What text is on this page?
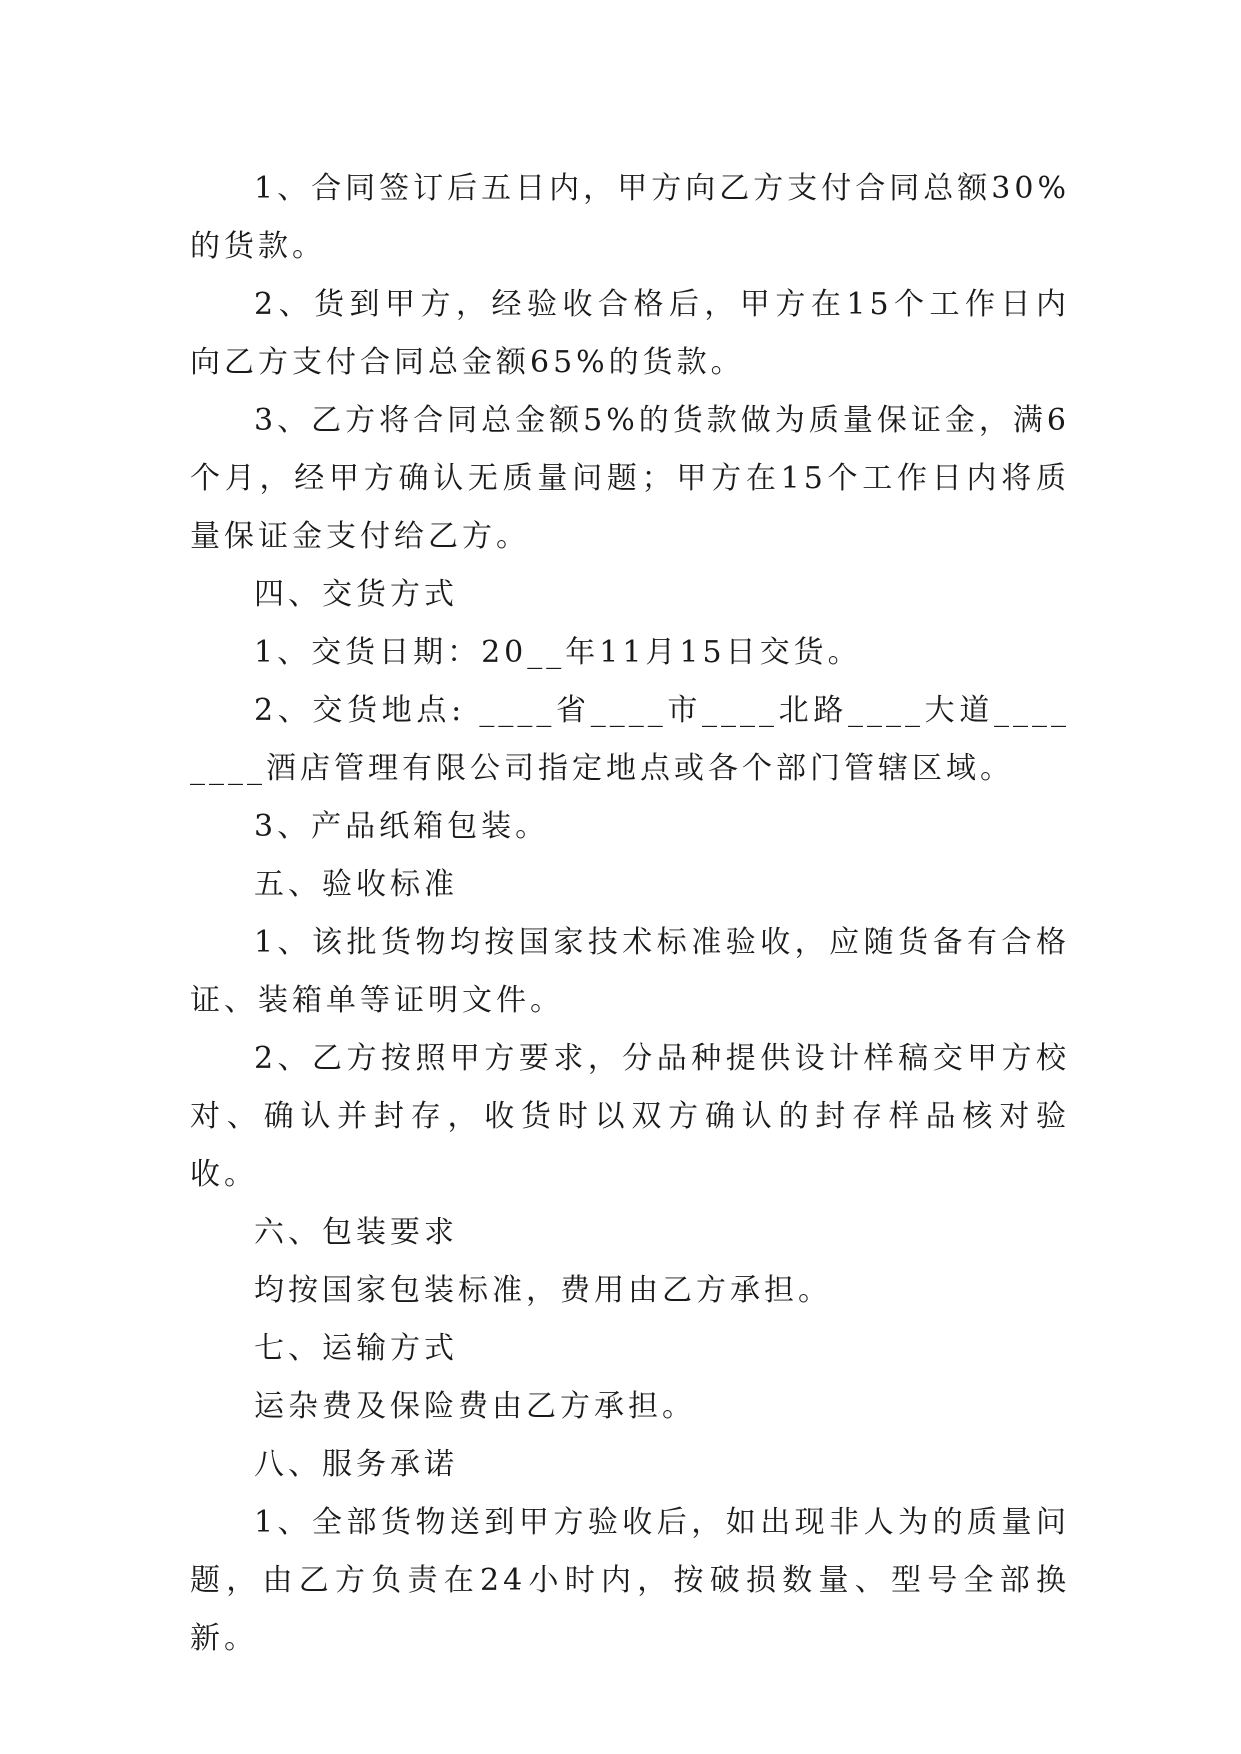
1、合同签订后五日内，甲方向乙方支付合同总额30%的货款。

2、货到甲方，经验收合格后，甲方在15个工作日内向乙方支付合同总金额65%的货款。

3、乙方将合同总金额5%的货款做为质量保证金，满6个月，经甲方确认无质量问题；甲方在15个工作日内将质量保证金支付给乙方。

四、交货方式

1、交货日期：20__年11月15日交货。

2、交货地点: ____省____市____北路____大道________酒店管理有限公司指定地点或各个部门管辖区域。

3、产品纸箱包装。

五、验收标准

1、该批货物均按国家技术标准验收，应随货备有合格证、装箱单等证明文件。

2、乙方按照甲方要求，分品种提供设计样稿交甲方校对、确认并封存，收货时以双方确认的封存样品核对验收。

六、包装要求

均按国家包装标准，费用由乙方承担。

七、运输方式

运杂费及保险费由乙方承担。

八、服务承诺

1、全部货物送到甲方验收后，如出现非人为的质量问题，由乙方负责在24小时内，按破损数量、型号全部换新。
